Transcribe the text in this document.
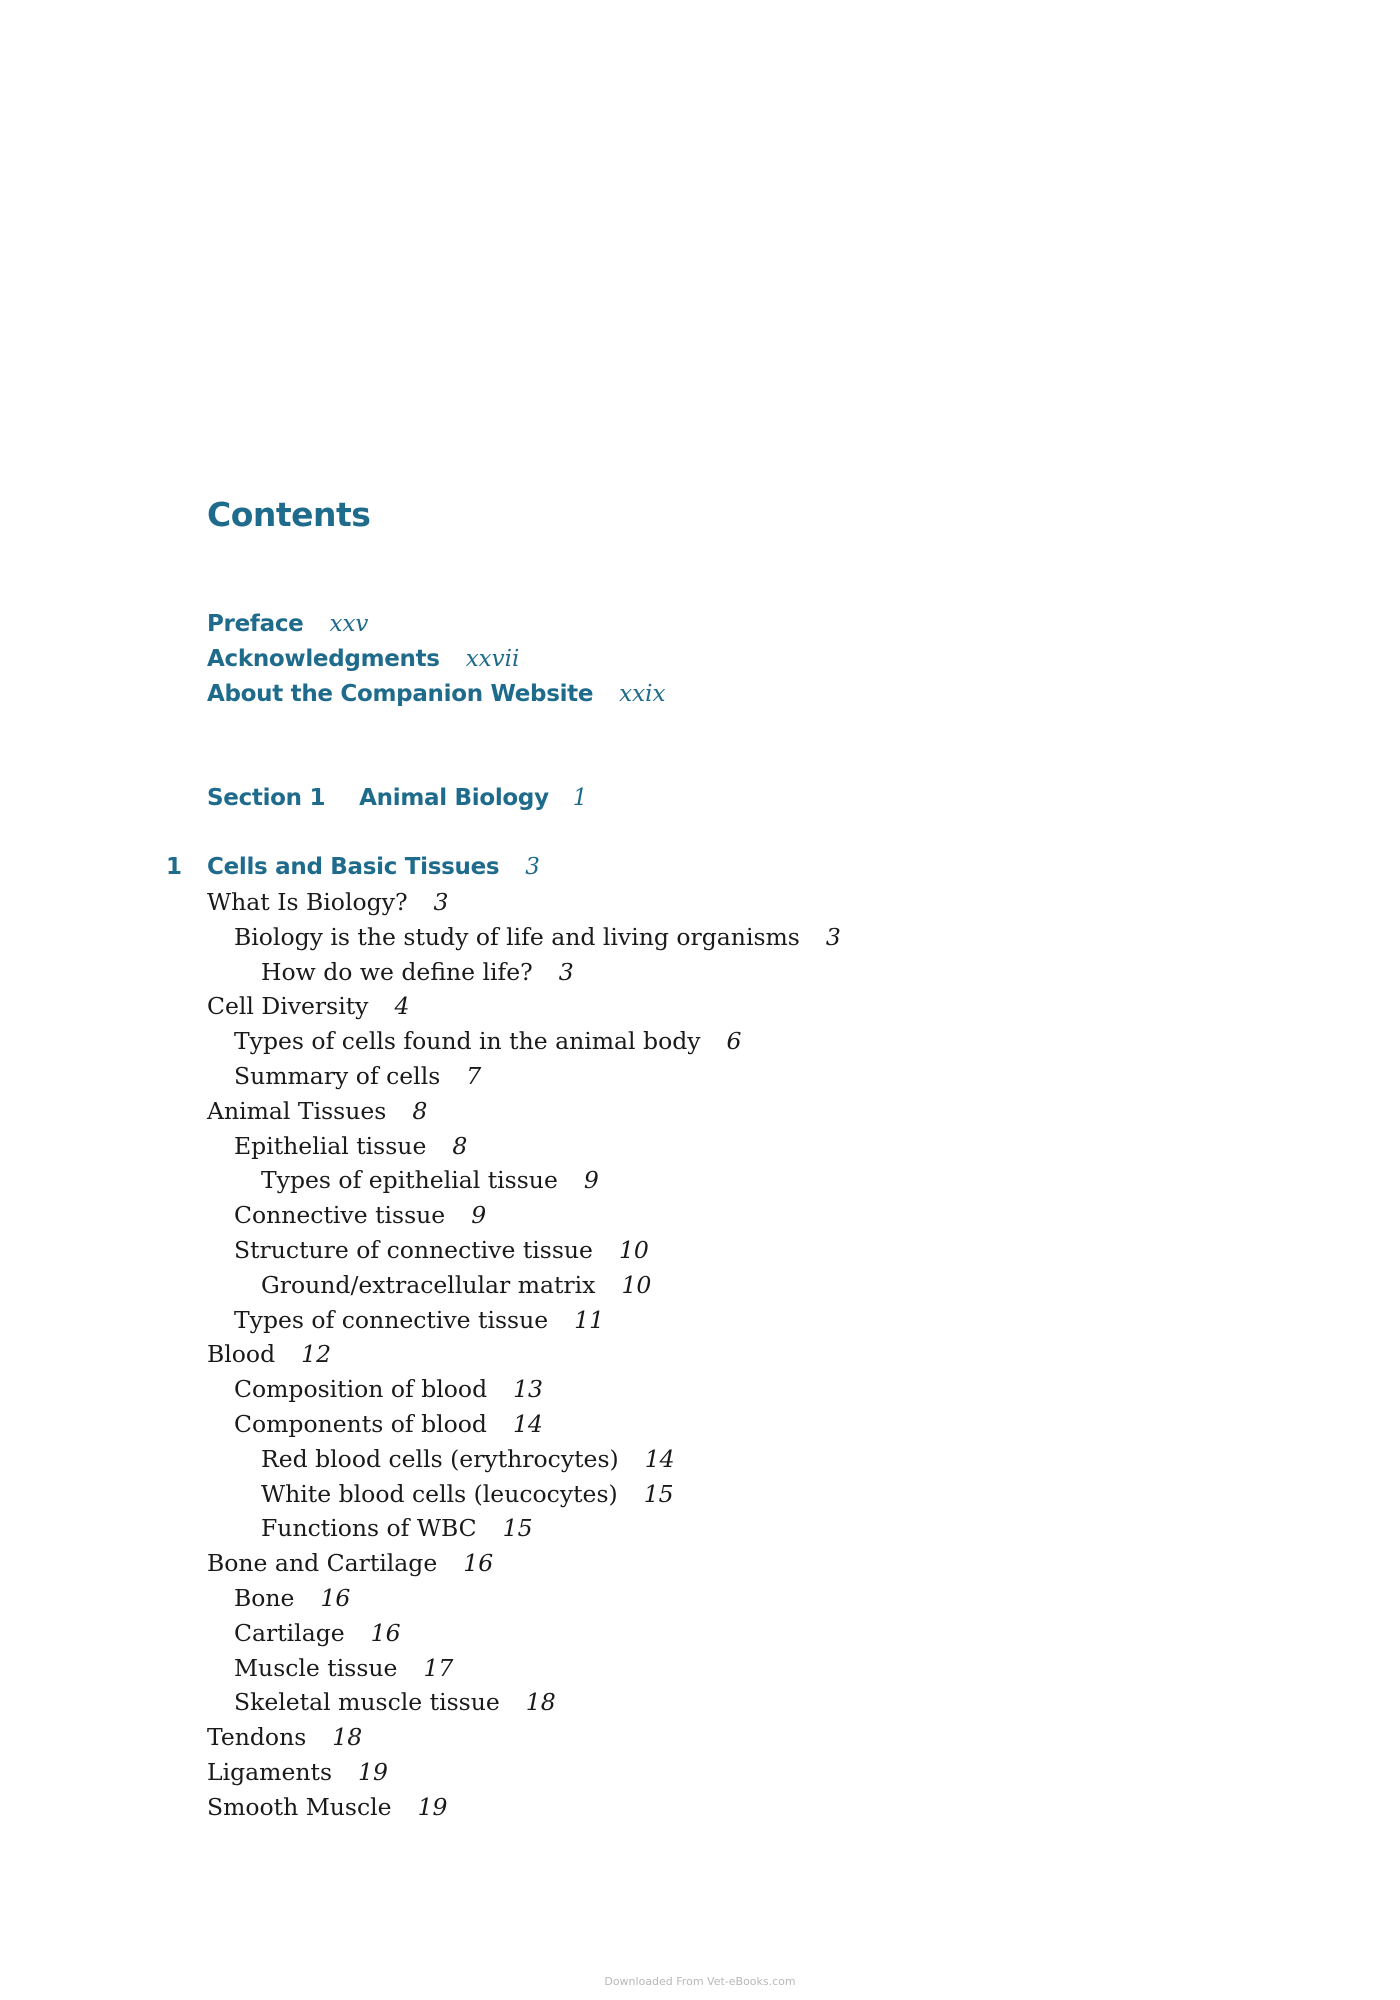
Contents
Preface xxv
Acknowledgments xxvii
About the Companion Website xxix
Section 1 Animal Biology 1
1 Cells and Basic Tissues 3
What Is Biology? 3
Biology is the study of life and living organisms 3
How do we define life? 3
Cell Diversity 4
Types of cells found in the animal body 6
Summary of cells 7
Animal Tissues 8
Epithelial tissue 8
Types of epithelial tissue 9
Connective tissue 9
Structure of connective tissue 10
Ground/extracellular matrix 10
Types of connective tissue 11
Blood 12
Composition of blood 13
Components of blood 14
Red blood cells (erythrocytes) 14
White blood cells (leucocytes) 15
Functions of WBC 15
Bone and Cartilage 16
Bone 16
Cartilage 16
Muscle tissue 17
Skeletal muscle tissue 18
Tendons 18
Ligaments 19
Smooth Muscle 19
Downloaded From Vet-eBooks.com
